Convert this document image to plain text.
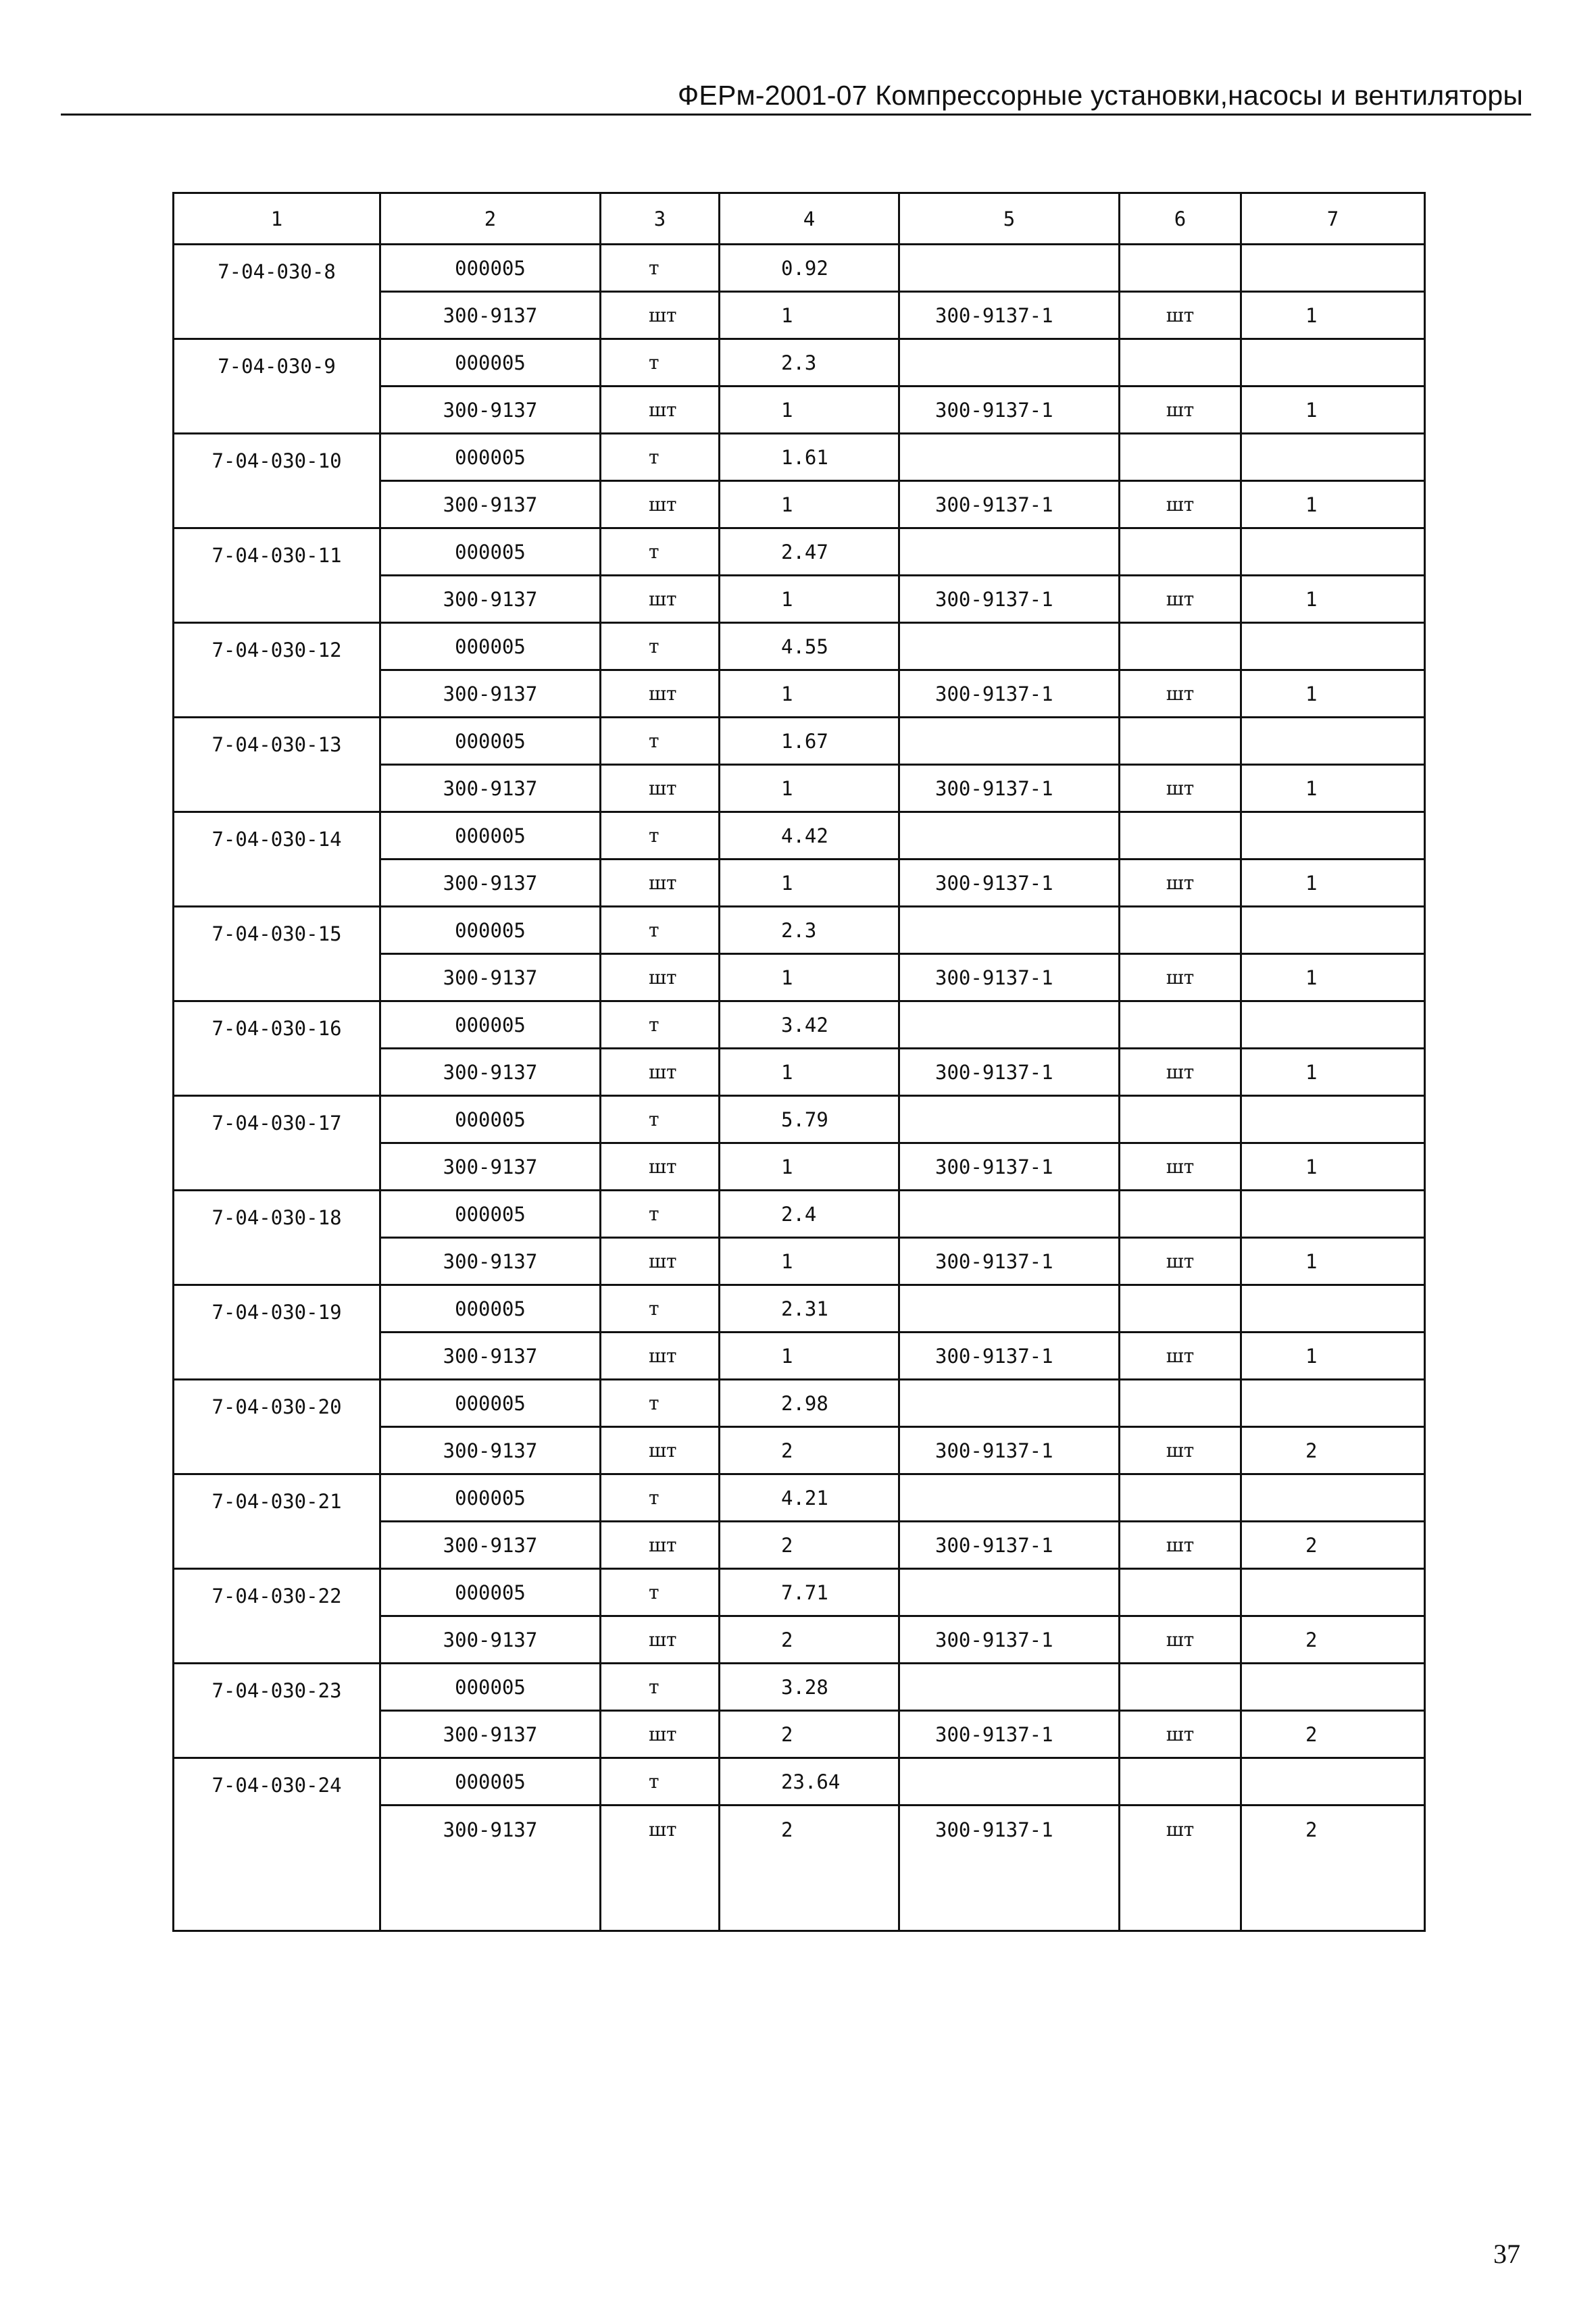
ФЕРм-2001-07 Компрессорные установки,насосы и вентиляторы
1	2	3	4	5	6	7
7-04-030-8	000005	т	0.92			
	300-9137	шт	1	300-9137-1	шт	1
7-04-030-9	000005	т	2.3			
	300-9137	шт	1	300-9137-1	шт	1
7-04-030-10	000005	т	1.61			
	300-9137	шт	1	300-9137-1	шт	1
7-04-030-11	000005	т	2.47			
	300-9137	шт	1	300-9137-1	шт	1
7-04-030-12	000005	т	4.55			
	300-9137	шт	1	300-9137-1	шт	1
7-04-030-13	000005	т	1.67			
	300-9137	шт	1	300-9137-1	шт	1
7-04-030-14	000005	т	4.42			
	300-9137	шт	1	300-9137-1	шт	1
7-04-030-15	000005	т	2.3			
	300-9137	шт	1	300-9137-1	шт	1
7-04-030-16	000005	т	3.42			
	300-9137	шт	1	300-9137-1	шт	1
7-04-030-17	000005	т	5.79			
	300-9137	шт	1	300-9137-1	шт	1
7-04-030-18	000005	т	2.4			
	300-9137	шт	1	300-9137-1	шт	1
7-04-030-19	000005	т	2.31			
	300-9137	шт	1	300-9137-1	шт	1
7-04-030-20	000005	т	2.98			
	300-9137	шт	2	300-9137-1	шт	2
7-04-030-21	000005	т	4.21			
	300-9137	шт	2	300-9137-1	шт	2
7-04-030-22	000005	т	7.71			
	300-9137	шт	2	300-9137-1	шт	2
7-04-030-23	000005	т	3.28			
	300-9137	шт	2	300-9137-1	шт	2
7-04-030-24	000005	т	23.64			
	300-9137	шт	2	300-9137-1	шт	2
37
